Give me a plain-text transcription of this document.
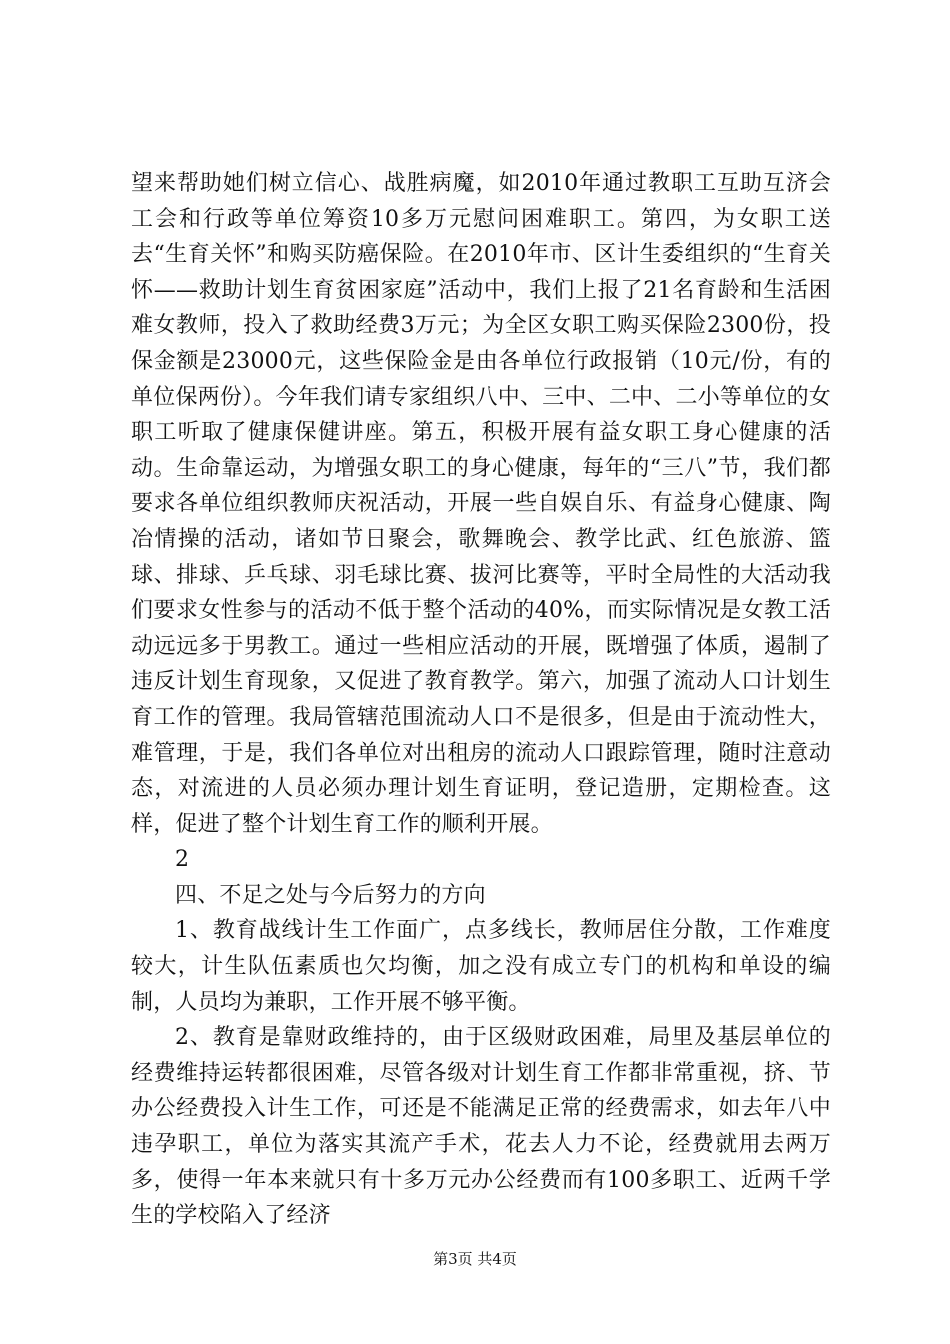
望来帮助她们树立信心、战胜病魔，如2010年通过教职工互助互济会工会和行政等单位筹资10多万元慰问困难职工。第四，为女职工送去“生育关怀”和购买防癌保险。在2010年市、区计生委组织的“生育关怀——救助计划生育贫困家庭”活动中，我们上报了21名育龄和生活困难女教师，投入了救助经费3万元；为全区女职工购买保险2300份，投保金额是23000元，这些保险金是由各单位行政报销（10元/份，有的单位保两份）。今年我们请专家组织八中、三中、二中、二小等单位的女职工听取了健康保健讲座。第五，积极开展有益女职工身心健康的活动。生命靠运动，为增强女职工的身心健康，每年的“三八”节，我们都要求各单位组织教师庆祝活动，开展一些自娱自乐、有益身心健康、陶冶情操的活动，诸如节日聚会，歌舞晚会、教学比武、红色旅游、篮球、排球、乒乓球、羽毛球比赛、拔河比赛等，平时全局性的大活动我们要求女性参与的活动不低于整个活动的40%，而实际情况是女教工活动远远多于男教工。通过一些相应活动的开展，既增强了体质，遏制了违反计划生育现象，又促进了教育教学。第六，加强了流动人口计划生育工作的管理。我局管辖范围流动人口不是很多，但是由于流动性大，难管理，于是，我们各单位对出租房的流动人口跟踪管理，随时注意动态，对流进的人员必须办理计划生育证明，登记造册，定期检查。这样，促进了整个计划生育工作的顺利开展。

2

四、不足之处与今后努力的方向

1、教育战线计生工作面广，点多线长，教师居住分散，工作难度较大，计生队伍素质也欠均衡，加之没有成立专门的机构和单设的编制，人员均为兼职，工作开展不够平衡。

2、教育是靠财政维持的，由于区级财政困难，局里及基层单位的经费维持运转都很困难，尽管各级对计划生育工作都非常重视，挤、节办公经费投入计生工作，可还是不能满足正常的经费需求，如去年八中违孕职工，单位为落实其流产手术，花去人力不论，经费就用去两万多，使得一年本来就只有十多万元办公经费而有100多职工、近两千学生的学校陷入了经济

第3页 共4页
